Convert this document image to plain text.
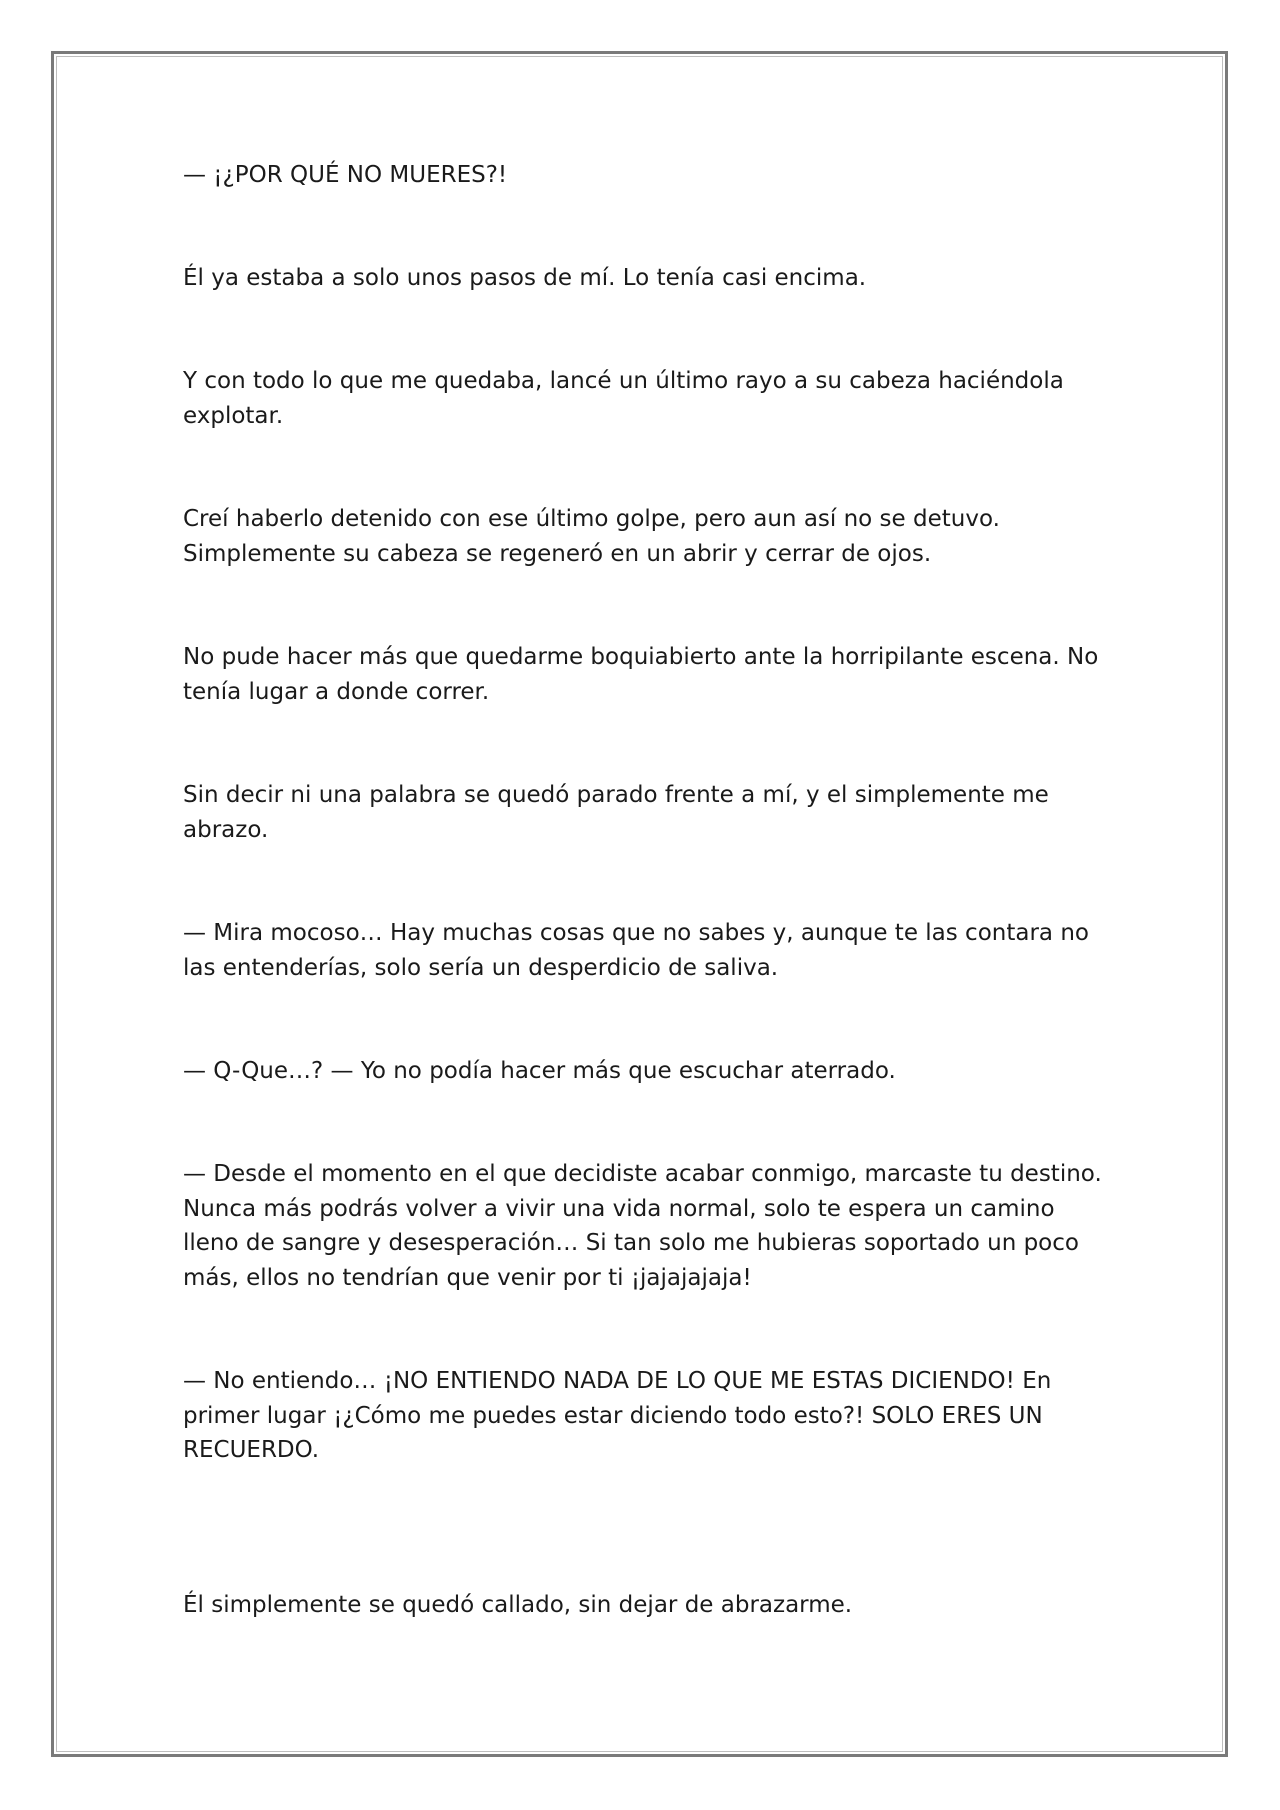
— ¡¿POR QUÉ NO MUERES?!

Él ya estaba a solo unos pasos de mí. Lo tenía casi encima.

Y con todo lo que me quedaba, lancé un último rayo a su cabeza haciéndola explotar.

Creí haberlo detenido con ese último golpe, pero aun así no se detuvo. Simplemente su cabeza se regeneró en un abrir y cerrar de ojos.

No pude hacer más que quedarme boquiabierto ante la horripilante escena. No tenía lugar a donde correr.

Sin decir ni una palabra se quedó parado frente a mí, y el simplemente me abrazo.

— Mira mocoso… Hay muchas cosas que no sabes y, aunque te las contara no las entenderías, solo sería un desperdicio de saliva.

— Q-Que…? — Yo no podía hacer más que escuchar aterrado.

— Desde el momento en el que decidiste acabar conmigo, marcaste tu destino. Nunca más podrás volver a vivir una vida normal, solo te espera un camino lleno de sangre y desesperación… Si tan solo me hubieras soportado un poco más, ellos no tendrían que venir por ti ¡jajajajaja!

— No entiendo… ¡NO ENTIENDO NADA DE LO QUE ME ESTAS DICIENDO! En primer lugar ¡¿Cómo me puedes estar diciendo todo esto?! SOLO ERES UN RECUERDO.

Él simplemente se quedó callado, sin dejar de abrazarme.
